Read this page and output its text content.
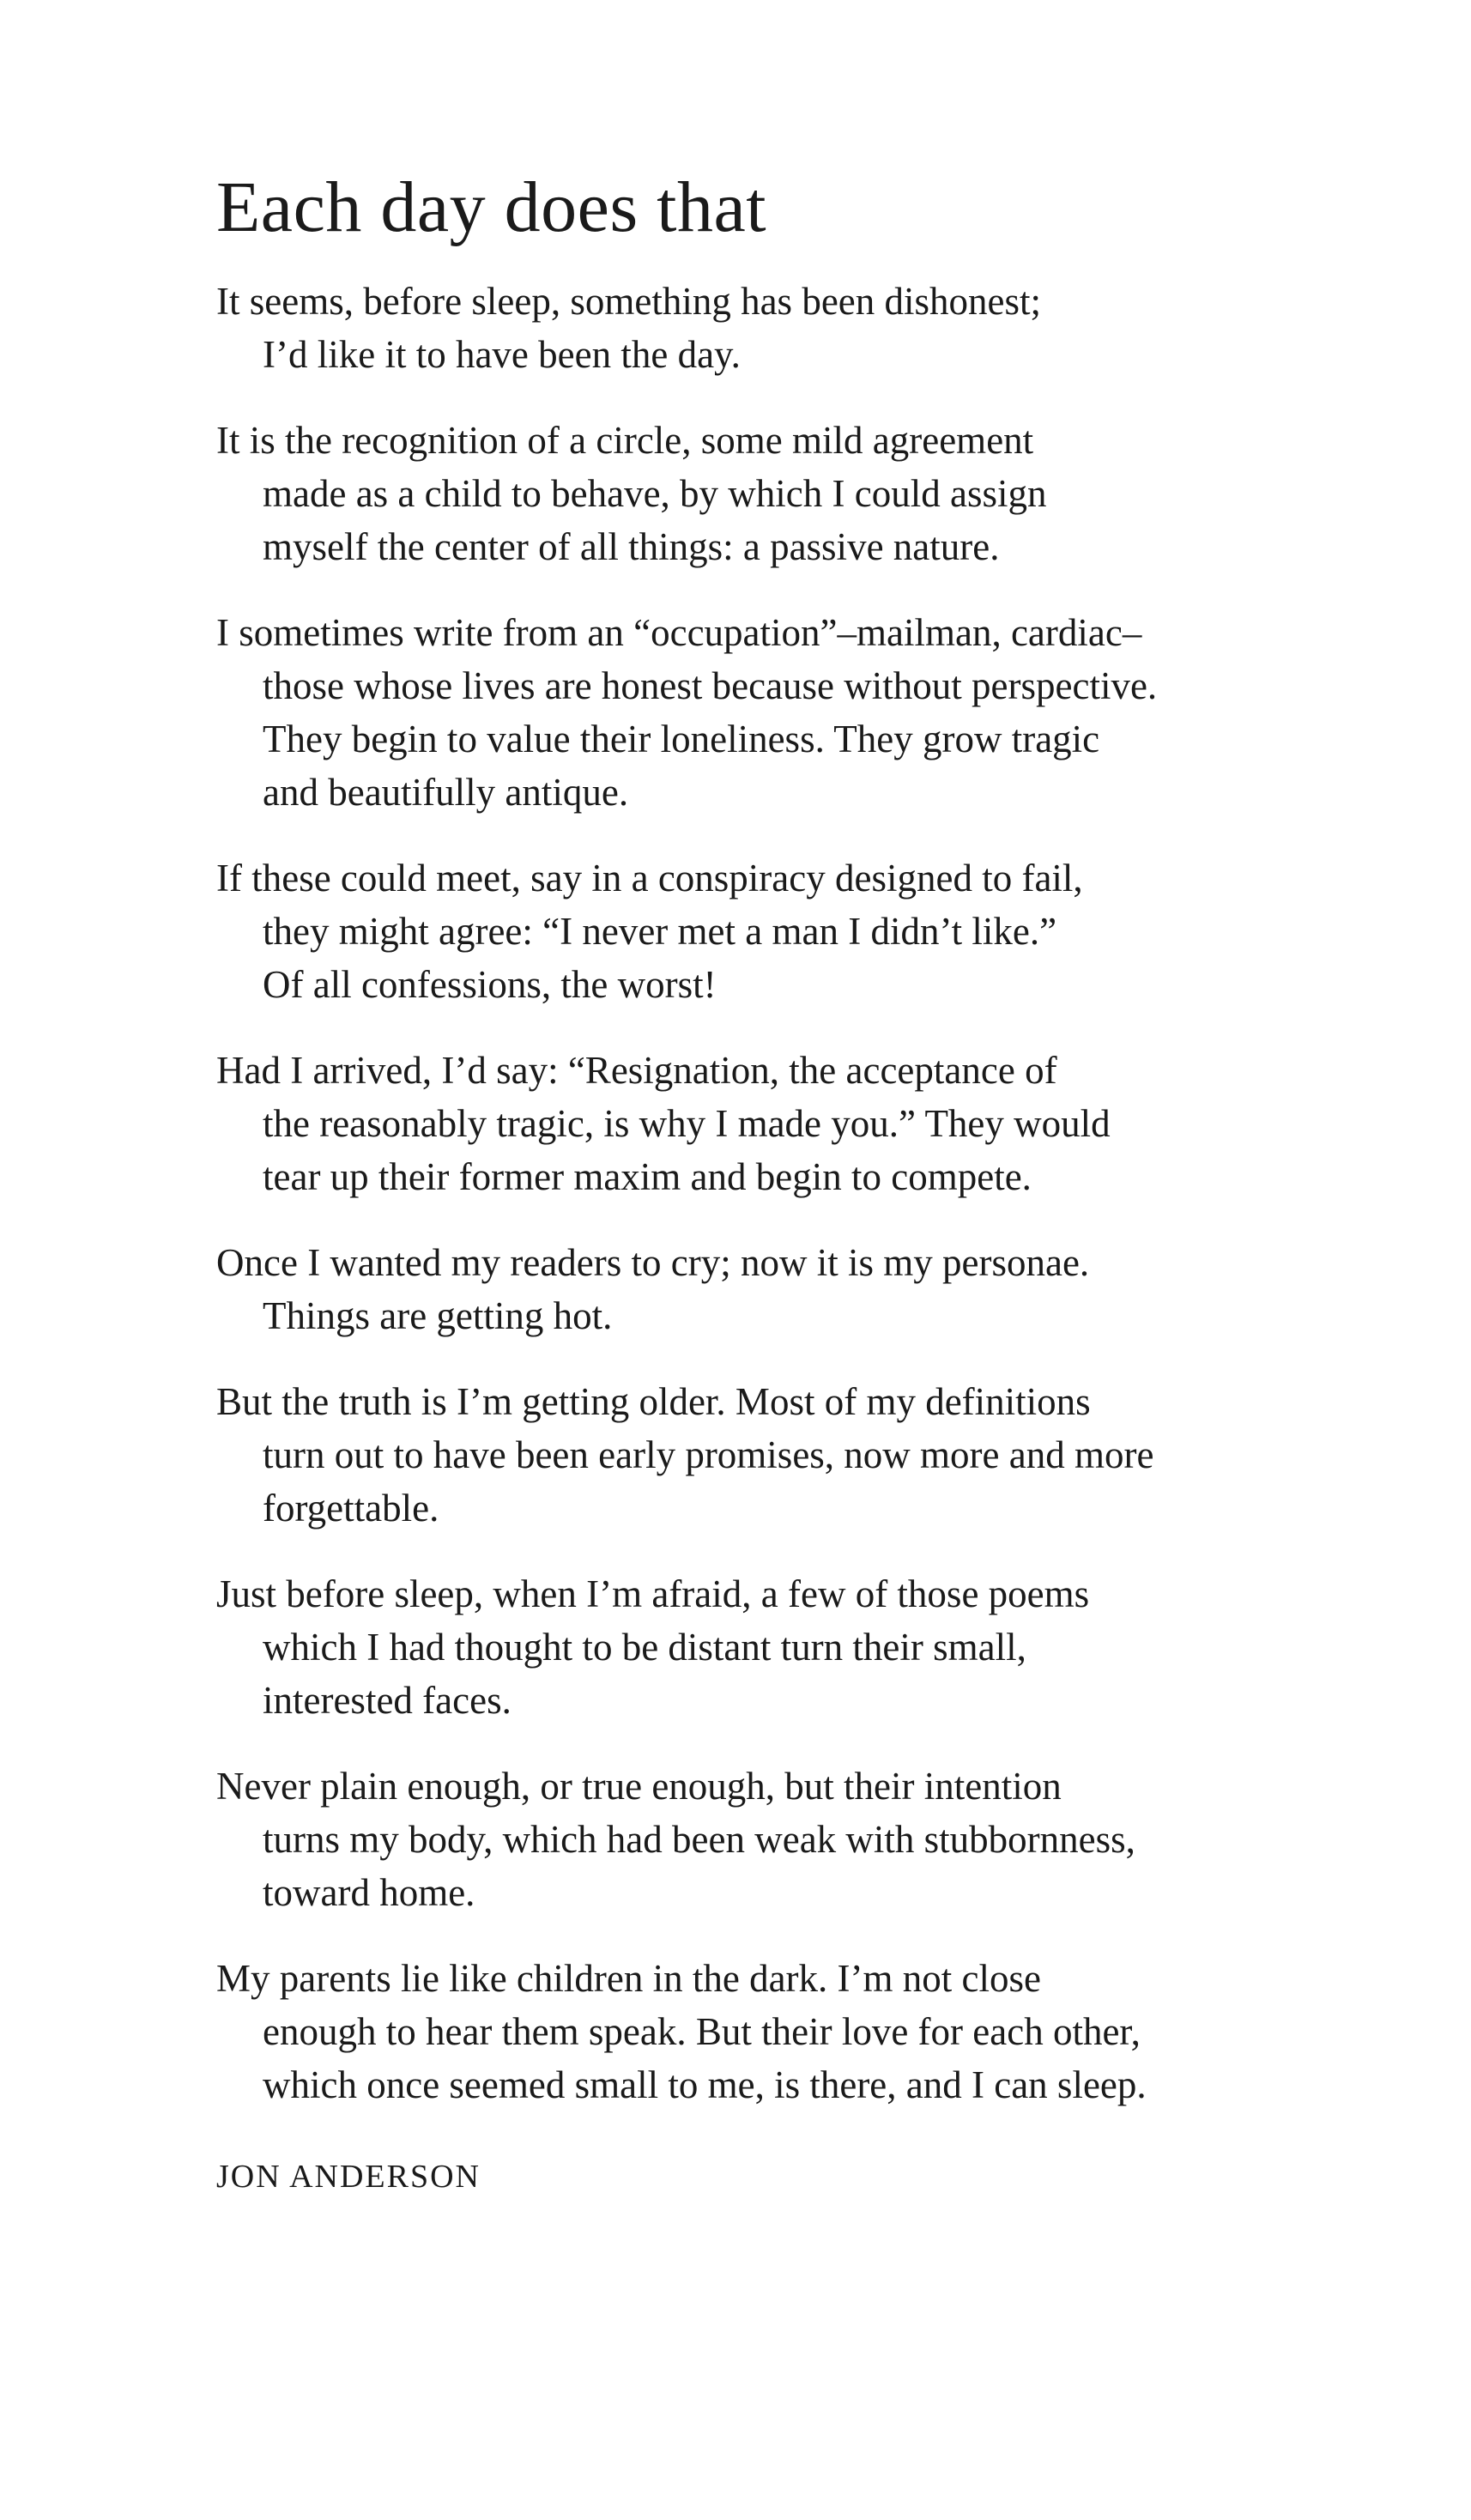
Each day does that
It seems, before sleep, something has been dishonest;
I’d like it to have been the day.
It is the recognition of a circle, some mild agreement
made as a child to behave, by which I could assign
myself the center of all things: a passive nature.
I sometimes write from an “occupation”–mailman, cardiac–
those whose lives are honest because without perspective.
They begin to value their loneliness. They grow tragic
and beautifully antique.
If these could meet, say in a conspiracy designed to fail,
they might agree: “I never met a man I didn’t like.”
Of all confessions, the worst!
Had I arrived, I’d say: “Resignation, the acceptance of
the reasonably tragic, is why I made you.” They would
tear up their former maxim and begin to compete.
Once I wanted my readers to cry; now it is my personae.
Things are getting hot.
But the truth is I’m getting older. Most of my definitions
turn out to have been early promises, now more and more
forgettable.
Just before sleep, when I’m afraid, a few of those poems
which I had thought to be distant turn their small,
interested faces.
Never plain enough, or true enough, but their intention
turns my body, which had been weak with stubbornness,
toward home.
My parents lie like children in the dark. I’m not close
enough to hear them speak. But their love for each other,
which once seemed small to me, is there, and I can sleep.
JON ANDERSON
